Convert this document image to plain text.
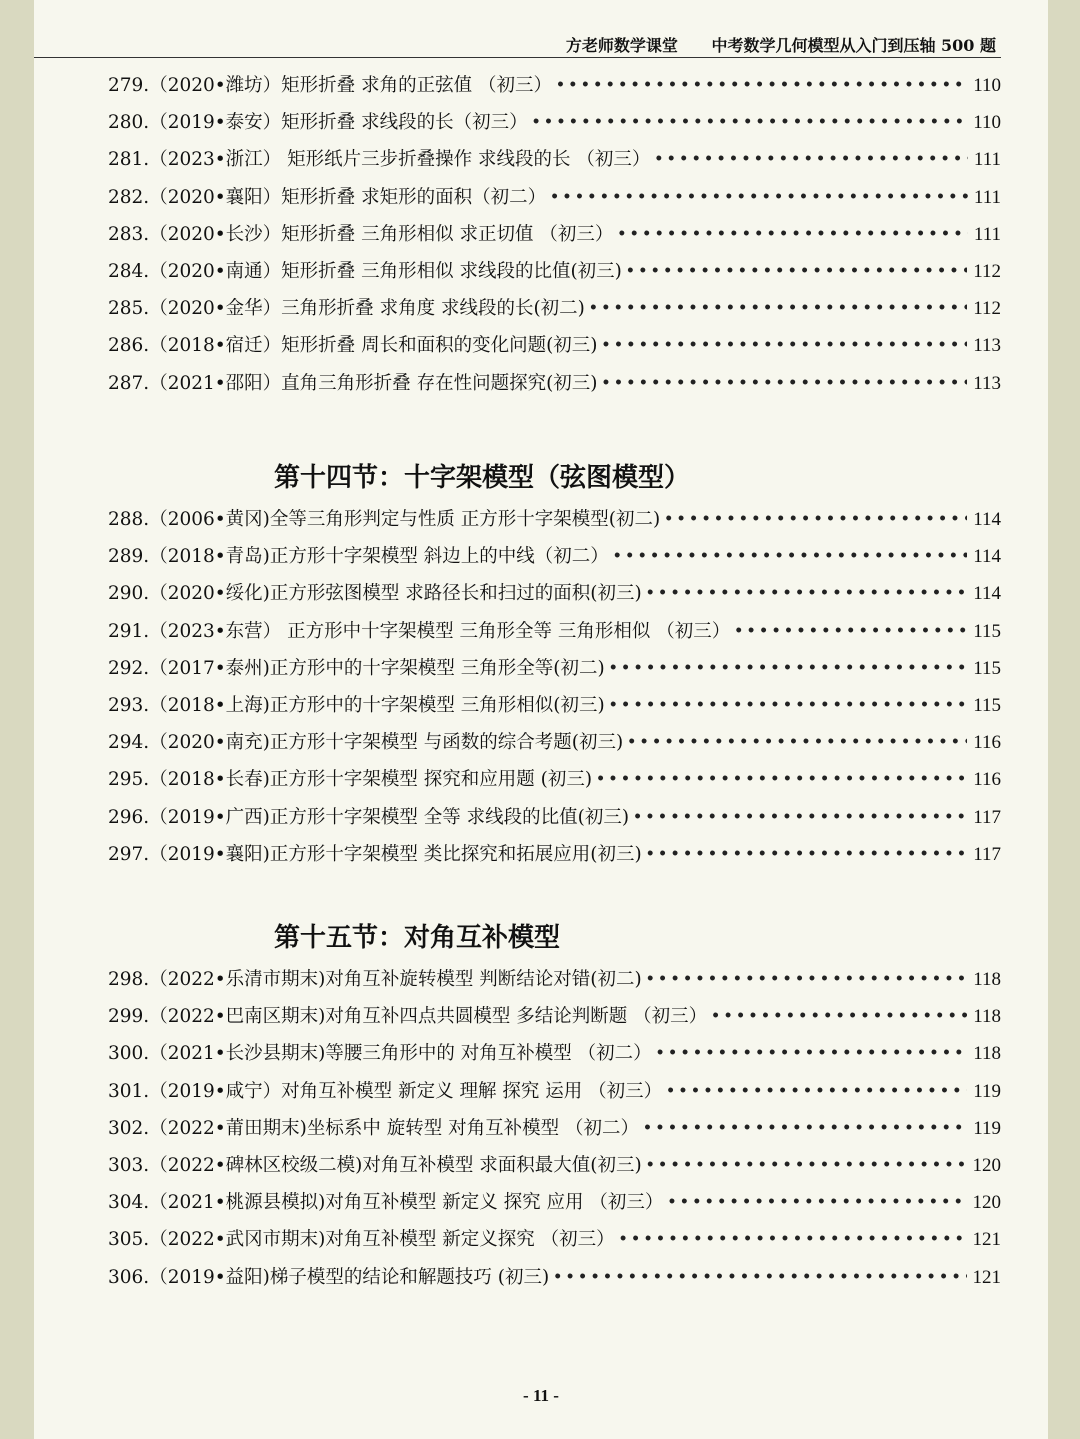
方老师数学课堂 中考数学几何模型从入门到压轴 500 题
279.（2020•潍坊）矩形折叠 求角的正弦值 （初三） •••••	110
280.（2019•泰安）矩形折叠 求线段的长（初三） •••••	110
281.（2023•浙江） 矩形纸片三步折叠操作 求线段的长 （初三） •••••	111
282.（2020•襄阳）矩形折叠 求矩形的面积（初二） •••••	111
283.（2020•长沙）矩形折叠 三角形相似 求正切值 （初三） •••••	111
284.（2020•南通）矩形折叠 三角形相似 求线段的比值(初三) •••••	112
285.（2020•金华）三角形折叠 求角度 求线段的长(初二) •••••	112
286.（2018•宿迁）矩形折叠 周长和面积的变化问题(初三) •••••	113
287.（2021•邵阳）直角三角形折叠 存在性问题探究(初三) •••••	113
第十四节：十字架模型（弦图模型）
288.（2006•黄冈)全等三角形判定与性质 正方形十字架模型(初二) •••••	114
289.（2018•青岛)正方形十字架模型 斜边上的中线（初二） •••••	114
290.（2020•绥化)正方形弦图模型 求路径长和扫过的面积(初三) •••••	114
291.（2023•东营） 正方形中十字架模型 三角形全等 三角形相似 （初三） •••••	115
292.（2017•泰州)正方形中的十字架模型 三角形全等(初二) •••••	115
293.（2018•上海)正方形中的十字架模型 三角形相似(初三) •••••	115
294.（2020•南充)正方形十字架模型 与函数的综合考题(初三) •••••	116
295.（2018•长春)正方形十字架模型 探究和应用题 (初三) •••••	116
296.（2019•广西)正方形十字架模型 全等 求线段的比值(初三) •••••	117
297.（2019•襄阳)正方形十字架模型 类比探究和拓展应用(初三) •••••	117
第十五节：对角互补模型
298.（2022•乐清市期末)对角互补旋转模型 判断结论对错(初二) •••••	118
299.（2022•巴南区期末)对角互补四点共圆模型 多结论判断题 （初三） •••••	118
300.（2021•长沙县期末)等腰三角形中的 对角互补模型 （初二） •••••	118
301.（2019•咸宁）对角互补模型 新定义 理解 探究 运用 （初三） •••••	119
302.（2022•莆田期末)坐标系中 旋转型 对角互补模型 （初二） •••••	119
303.（2022•碑林区校级二模)对角互补模型 求面积最大值(初三) •••••	120
304.（2021•桃源县模拟)对角互补模型 新定义 探究 应用 （初三） •••••	120
305.（2022•武冈市期末)对角互补模型 新定义探究 （初三） •••••	121
306.（2019•益阳)梯子模型的结论和解题技巧 (初三) •••••	121
- 11 -
